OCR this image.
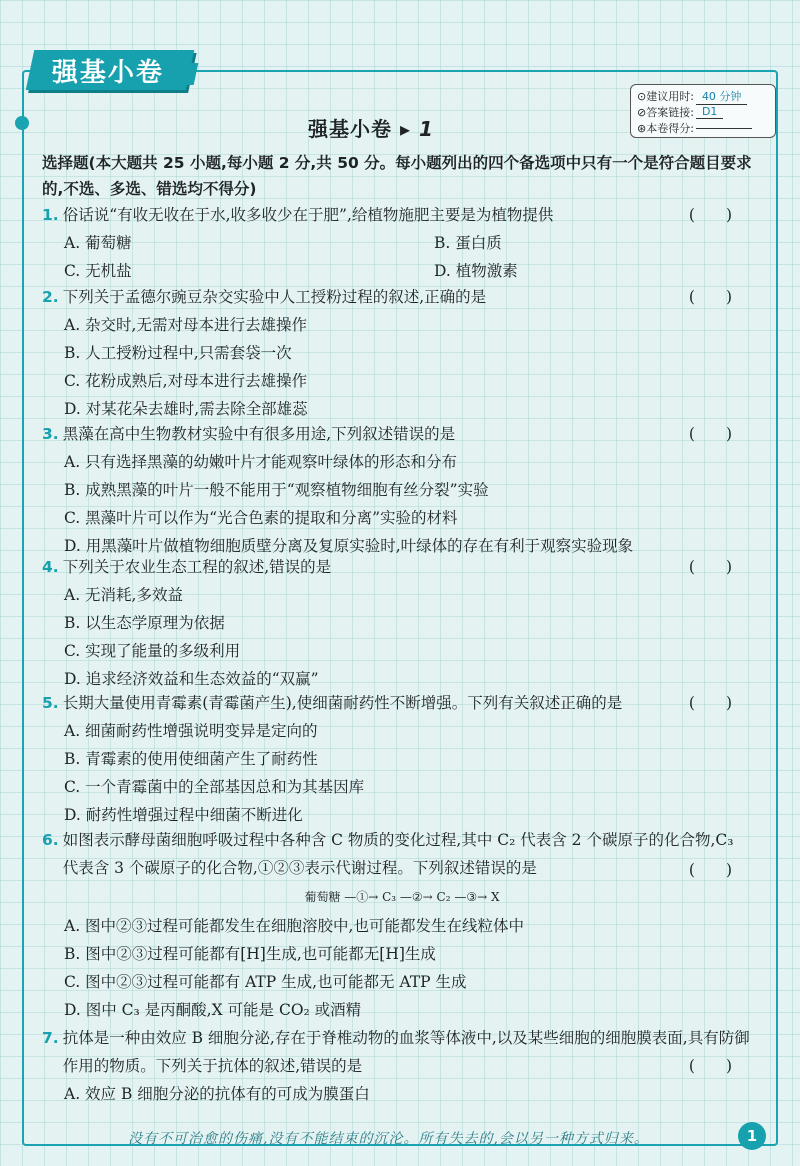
强基小卷
⊙ 建议用时: 40 分钟
⊘ 答案链接: D1
⊛ 本卷得分:
强基小卷 ▸ 1
选择题(本大题共 25 小题,每小题 2 分,共 50 分。每小题列出的四个备选项中只有一个是符合题目要求的,不选、多选、错选均不得分)
1. 俗话说“有收无收在于水,收多收少在于肥”,给植物施肥主要是为植物提供	(　　)
A. 葡萄糖	B. 蛋白质
C. 无机盐	D. 植物激素
2. 下列关于孟德尔豌豆杂交实验中人工授粉过程的叙述,正确的是	(　　)
A. 杂交时,无需对母本进行去雄操作
B. 人工授粉过程中,只需套袋一次
C. 花粉成熟后,对母本进行去雄操作
D. 对某花朵去雄时,需去除全部雄蕊
3. 黑藻在高中生物教材实验中有很多用途,下列叙述错误的是	(　　)
A. 只有选择黑藻的幼嫩叶片才能观察叶绿体的形态和分布
B. 成熟黑藻的叶片一般不能用于“观察植物细胞有丝分裂”实验
C. 黑藻叶片可以作为“光合色素的提取和分离”实验的材料
D. 用黑藻叶片做植物细胞质壁分离及复原实验时,叶绿体的存在有利于观察实验现象
4. 下列关于农业生态工程的叙述,错误的是	(　　)
A. 无消耗,多效益
B. 以生态学原理为依据
C. 实现了能量的多级利用
D. 追求经济效益和生态效益的“双赢”
5. 长期大量使用青霉素(青霉菌产生),使细菌耐药性不断增强。下列有关叙述正确的是	(　　)
A. 细菌耐药性增强说明变异是定向的
B. 青霉素的使用使细菌产生了耐药性
C. 一个青霉菌中的全部基因总和为其基因库
D. 耐药性增强过程中细菌不断进化
6. 如图表示酵母菌细胞呼吸过程中各种含 C 物质的变化过程,其中 C₂ 代表含 2 个碳原子的化合物,C₃ 代表含 3 个碳原子的化合物,①②③表示代谢过程。下列叙述错误的是
葡萄糖 —①→ C₃ —②→ C₂ —③→ X
(　　)
A. 图中②③过程可能都发生在细胞溶胶中,也可能都发生在线粒体中
B. 图中②③过程可能都有[H]生成,也可能都无[H]生成
C. 图中②③过程可能都有 ATP 生成,也可能都无 ATP 生成
D. 图中 C₃ 是丙酮酸,X 可能是 CO₂ 或酒精
7. 抗体是一种由效应 B 细胞分泌,存在于脊椎动物的血浆等体液中,以及某些细胞的细胞膜表面,具有防御作用的物质。下列关于抗体的叙述,错误的是	(　　)
A. 效应 B 细胞分泌的抗体有的可成为膜蛋白
没有不可治愈的伤痛,没有不能结束的沉沦。所有失去的,会以另一种方式归来。	1
